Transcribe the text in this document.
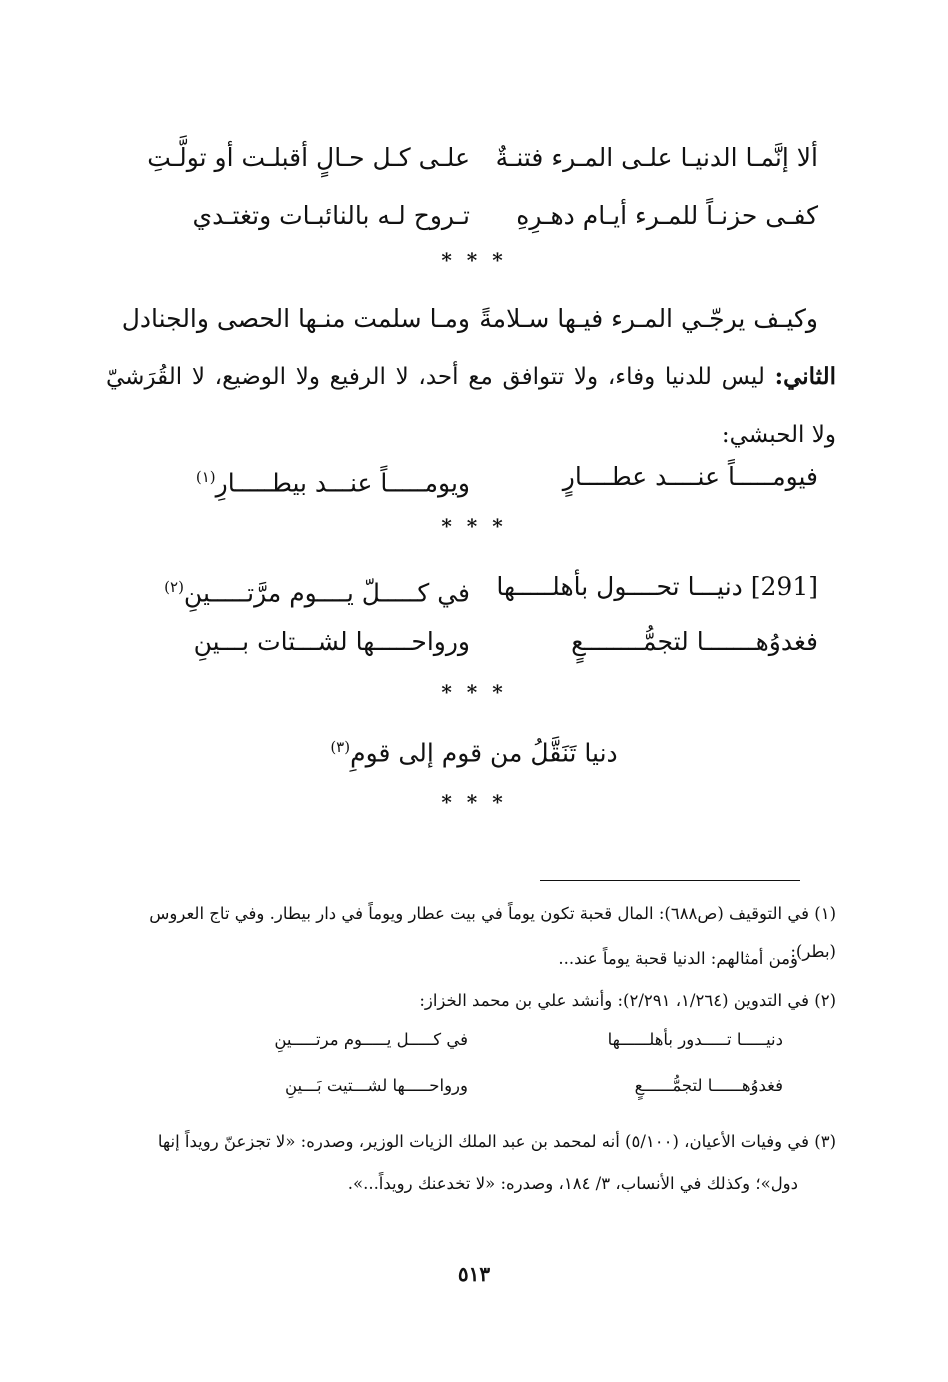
ألا إنَّمـا الدنيـا علـى المـرء فتنـةٌ
علـى كـل حـالٍ أقبلـت أو تولَّـتِ
كفـى حزنـاً للمـرء أيـام دهـرِهِ
تـروح لـه بالنائبـات وتغتـدي
* * *
وكيـف يرجّـي المـرء فيـها سـلامةً
ومـا سلمت منـها الحصى والجنادل
الثاني: ليس للدنيا وفاء، ولا تتوافق مع أحد، لا الرفيع ولا الوضيع، لا القُرَشيّ ولا الحبشي:
فيومـــــاً عنــــد عطــــارٍ
ويومـــــاً عنـــد بيطـــــارِ$^{(١)}$
* * *
[291] دنيـــا تحــــول بأهلـــــها
في كـــــلّ يــــوم مرَّتـــــينِ$^{(٢)}$
فغدوُهـــــــا لتجمُّــــــــعٍ
ورواحـــــها لشـــتات بـــينِ
* * *
دنيا تَنَقَّلُ من قوم إلى قومِ$^{(٣)}$
* * *
(١) في التوقيف (ص٦٨٨): المال قحبة تكون يوماً في بيت عطار ويوماً في دار بيطار. وفي تاج العروس (بطر):
ومن أمثالهم: الدنيا قحبة يوماً عند...
(٢) في التدوين (١/٢٦٤، ٢/٢٩١): وأنشد علي بن محمد الخزاز:
دنيـــــا تـــــدور بأهلــــــها
في كـــــل يـــــوم مرتـــــينِ
فغدوُهــــــا لتجمُّــــــعٍ
ورواحـــــها لشـــتيت بَـــينِ
(٣) في وفيات الأعيان، (٥/١٠٠) أنه لمحمد بن عبد الملك الزيات الوزير، وصدره: «لا تجزعنّ رويداً إنها
دول»؛ وكذلك في الأنساب، ٣/ ١٨٤، وصدره: «لا تخدعنك رويداً...».
٥١٣
